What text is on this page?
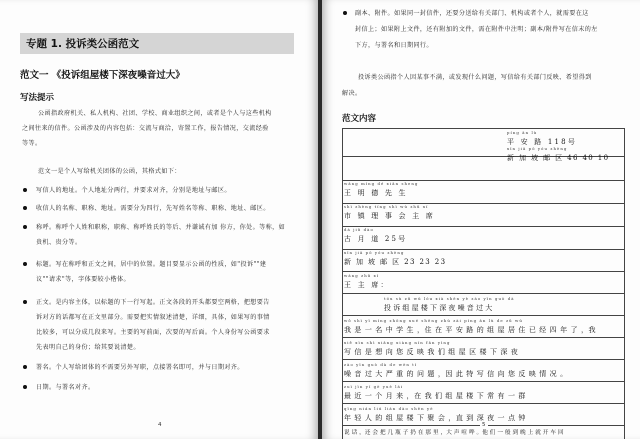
专题 1. 投诉类公函范文
范文一 《投诉组屋楼下深夜噪音过大》
写法提示
公函指政府机关、私人机构、社团、学校、商业组织之间，或者是个人与这些机构
之间往来的信件。公函涉及的内容包括：交流与商洽，寄置工作，报告情况，交流经验
等等。
范文一是个人写给机关团体的公函，其格式如下：
写信人的地址。个人地址分两行，并要求对齐，分别是地址与邮区。
收信人的名称、职称、地址。需要分为四行，先写姓名等称、职称、地址、邮区。
称呼。称呼个人姓和职称，职称、称呼姓氏的等后、并谦诚有加 你方，你处。等称，如
贵机、贵分等。
标题。写在称呼和正文之间，居中的位置。题目要显示公函的性质，如"投诉""建
议""请求"等，字体要较小楷体。
正文。是内容主体，以标题的下一行写起。正文各段的开头都要空两格，把想要告
诉对方的话都写在正文里部分。需要把实情叙述清楚，详细，具体，如果写的事情
比较多，可以分成几段来写。主要的写前面，次要的写后面。个人身份写公函要求
先表明自己的身份；给其要说清楚。
署名。个人写给团体的不需要另外写职，点接署名即可，并与日期对齐。
日期。与署名对齐。
4
副本、附件。如果同一封信件，还要分送给有关部门、机构或者个人，就需要在这
封信上；如果附上文件，还有附加的文件，需在附件中注明；副本/附件写在信末的左
下方，与署名和日期同行。
投诉类公函指个人因某事不满，或发现什么问题，写信给有关部门反映、希望得到
解决。
范文内容
píng ān lù
平 安 路 118号
xīn jiā pō yóu zhèng
新 加 坡 邮 区 46 40 10
wáng míng dé xiān sheng
王 明 德 先 生
shì zhèng tíng shì wù zhǔ xí
市 镇 理 事 会 主 席
dà jiǔ dào
古 月 道 25号
xīn jiā pō yóu zhèng
新 加 坡 邮 区 23 23 23
wáng zhǔ xí
王 主 席：
tóu sù zǔ wū lóu xià shēn yè zào yīn guò dà
投诉组屋楼下深夜噪音过大
wǒ shì yī míng zhōng xué shēng zhù zài píng ān lù de zǔ wū
我 是 一 名 中 学 生 ，住 在 平 安 路 的 组 屋 居 住 已 经 四 年 了 ，我
xiě xìn shì xiǎng xiàng nín fǎn yìng
写 信 是 想 向 您 反 映 我 们 组 屋 区 楼 下 深 夜
zào yīn guò dà de wèn tí
噪 音 过 大 严 重 的 问 题 ，因 此 特 写 信 向 您 反 映 情 况 。
zuì jìn yí gè yuè lái
最 近 一 个 月 来 ，在 我 们 组 屋 楼 下 常 有 一 群
qīng nián liú lián dào shēn yè
年 轻 人 的 组 屋 楼 下 聚 会 ，直 到 深 夜 一 点 钟
说 话 ，还 会 把 几 瓶 子 扔 在 那 里 ，大 声 喧 哗 。他 们 一 般 到 晚 上 就 开 车 回
5
